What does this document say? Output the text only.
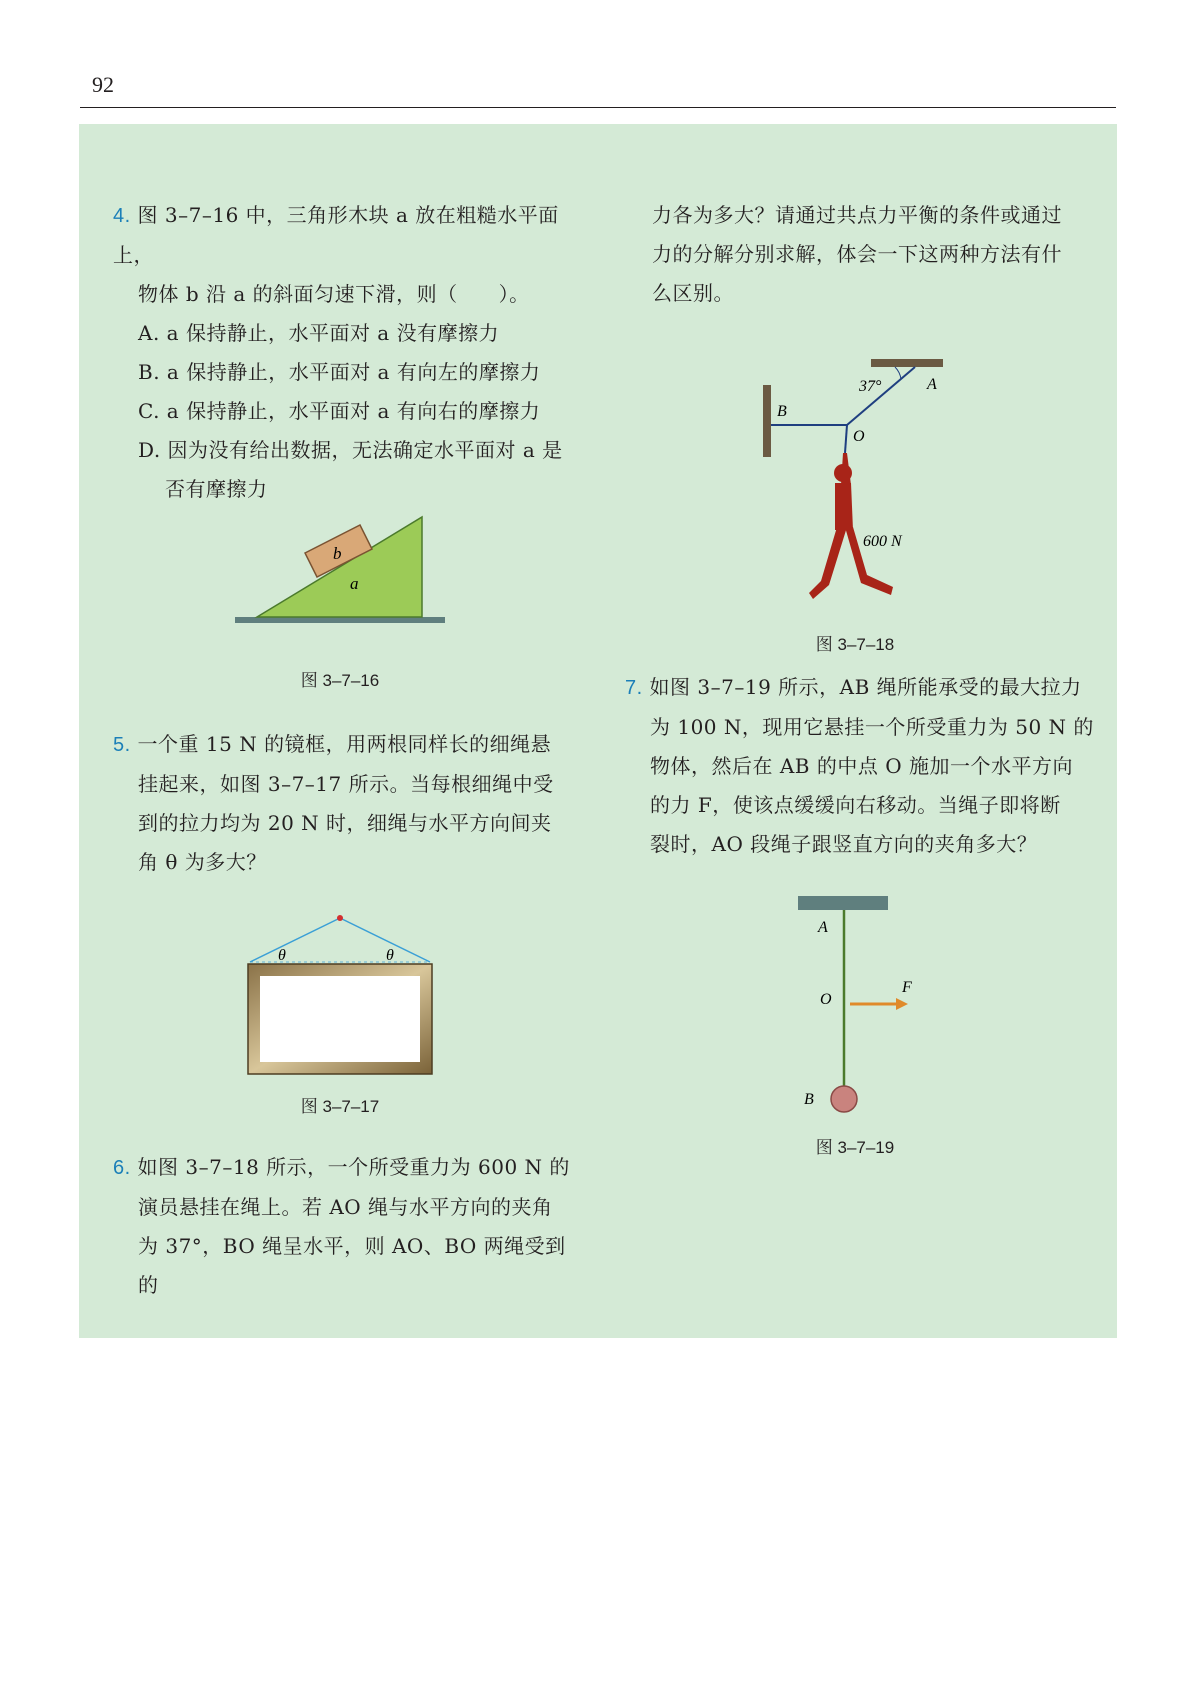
92

4. 图 3–7–16 中，三角形木块 a 放在粗糙水平面上，

物体 b 沿 a 的斜面匀速下滑，则（　　）。

A. a 保持静止，水平面对 a 没有摩擦力

B. a 保持静止，水平面对 a 有向左的摩擦力

C. a 保持静止，水平面对 a 有向右的摩擦力

D. 因为没有给出数据，无法确定水平面对 a 是

否有摩擦力

b
a
图 3–7–16

5. 一个重 15 N 的镜框，用两根同样长的细绳悬

挂起来，如图 3–7–17 所示。当每根细绳中受

到的拉力均为 20 N 时，细绳与水平方向间夹

角 θ 为多大？

θ	θ
图 3–7–17

6. 如图 3–7–18 所示，一个所受重力为 600 N 的

演员悬挂在绳上。若 AO 绳与水平方向的夹角

为 37°，BO 绳呈水平，则 AO、BO 两绳受到的

力各为多大？请通过共点力平衡的条件或通过

力的分解分别求解，体会一下这两种方法有什

么区别。

37°	A
B
O
600 N
图 3–7–18

7. 如图 3–7–19 所示，AB 绳所能承受的最大拉力

为 100 N，现用它悬挂一个所受重力为 50 N 的

物体，然后在 AB 的中点 O 施加一个水平方向

的力 F，使该点缓缓向右移动。当绳子即将断

裂时，AO 段绳子跟竖直方向的夹角多大？

A
O
F
B
图 3–7–19
